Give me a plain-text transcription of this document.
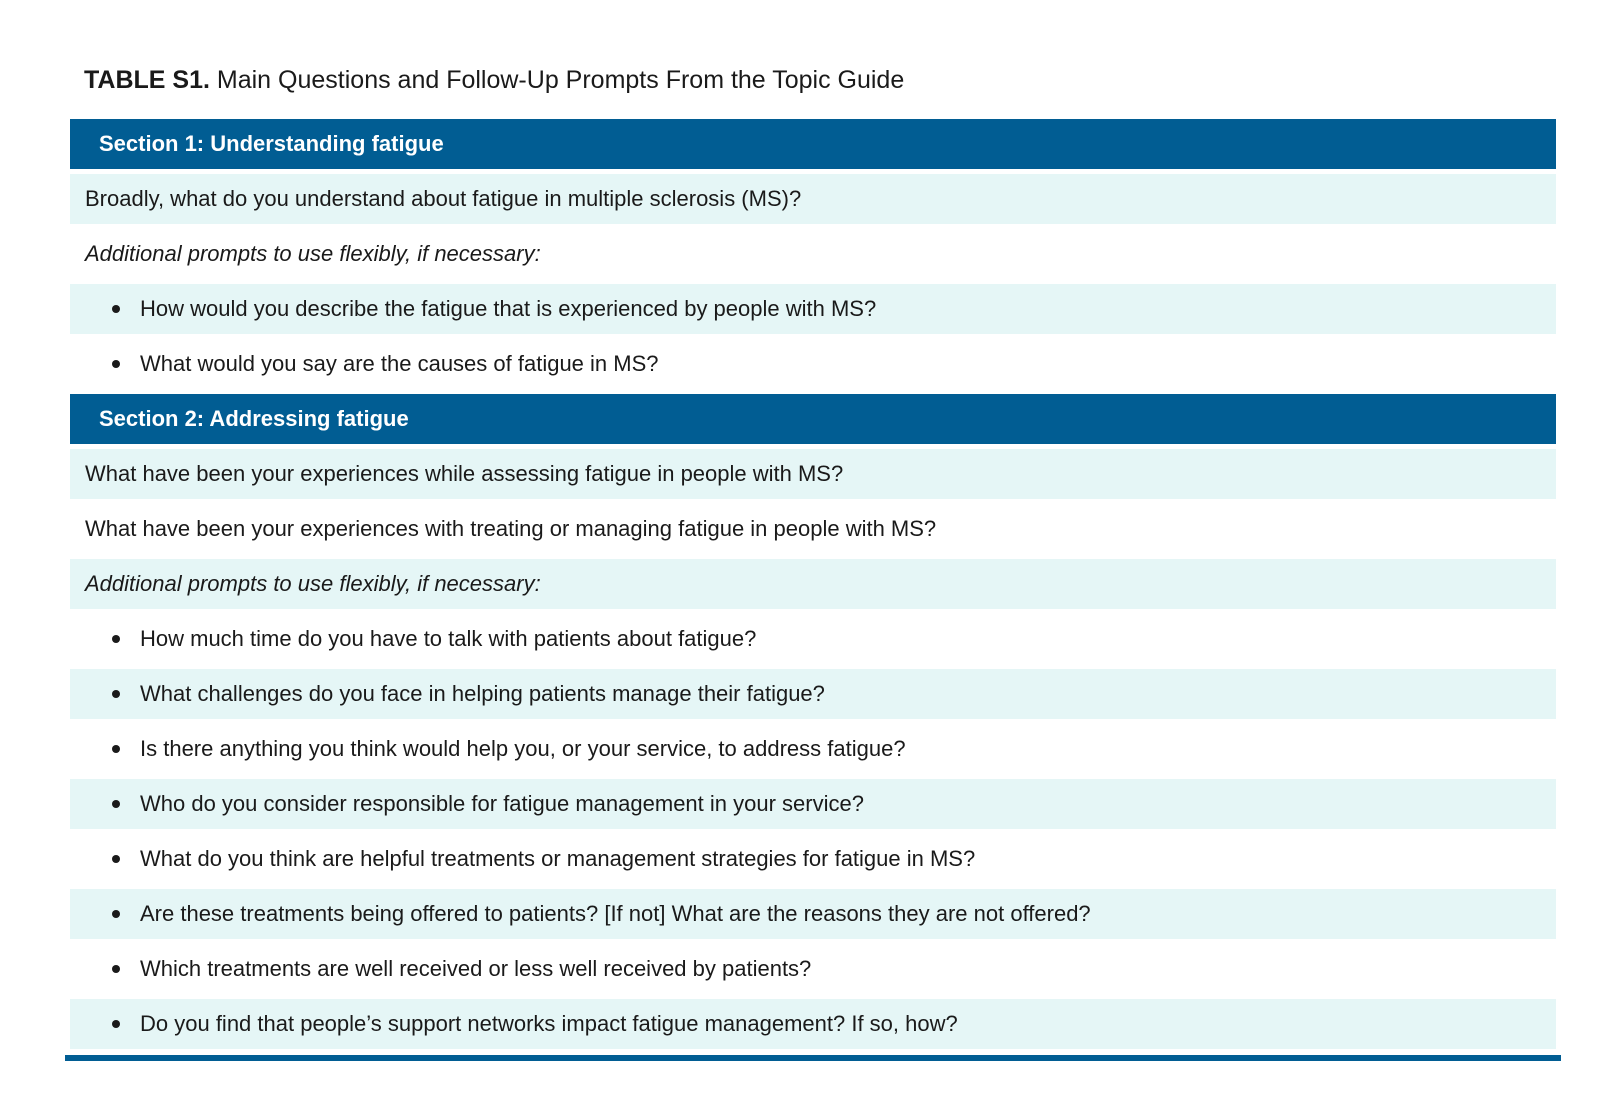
TABLE S1. Main Questions and Follow-Up Prompts From the Topic Guide
Section 1: Understanding fatigue
Broadly, what do you understand about fatigue in multiple sclerosis (MS)?
Additional prompts to use flexibly, if necessary:
How would you describe the fatigue that is experienced by people with MS?
What would you say are the causes of fatigue in MS?
Section 2: Addressing fatigue
What have been your experiences while assessing fatigue in people with MS?
What have been your experiences with treating or managing fatigue in people with MS?
Additional prompts to use flexibly, if necessary:
How much time do you have to talk with patients about fatigue?
What challenges do you face in helping patients manage their fatigue?
Is there anything you think would help you, or your service, to address fatigue?
Who do you consider responsible for fatigue management in your service?
What do you think are helpful treatments or management strategies for fatigue in MS?
Are these treatments being offered to patients? [If not] What are the reasons they are not offered?
Which treatments are well received or less well received by patients?
Do you find that people’s support networks impact fatigue management? If so, how?
